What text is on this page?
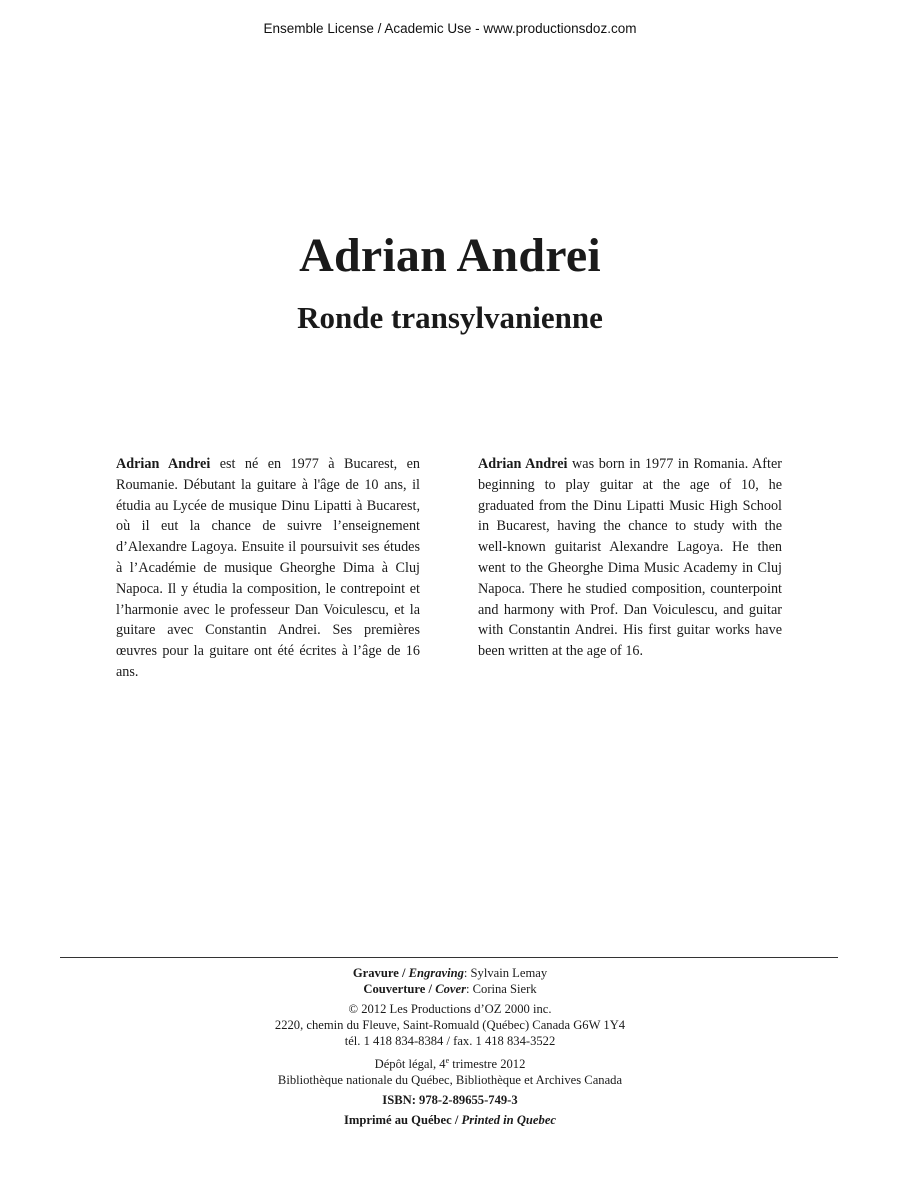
Ensemble License / Academic Use - www.productionsdoz.com
Adrian Andrei
Ronde transylvanienne
Adrian Andrei est né en 1977 à Bucarest, en Roumanie. Débutant la guitare à l'âge de 10 ans, il étudia au Lycée de musique Dinu Lipatti à Bucarest, où il eut la chance de suivre l’enseignement d’Alexandre Lagoya. Ensuite il poursuivit ses études à l’Académie de musique Gheorghe Dima à Cluj Napoca. Il y étudia la composition, le contrepoint et l’harmonie avec le professeur Dan Voiculescu, et la guitare avec Constantin Andrei. Ses premières œuvres pour la guitare ont été écrites à l’âge de 16 ans.
Adrian Andrei was born in 1977 in Romania. After beginning to play guitar at the age of 10, he graduated from the Dinu Lipatti Music High School in Bucarest, having the chance to study with the well-known guitarist Alexandre Lagoya. He then went to the Gheorghe Dima Music Academy in Cluj Napoca. There he studied composition, counterpoint and harmony with Prof. Dan Voiculescu, and guitar with Constantin Andrei. His first guitar works have been written at the age of 16.
Gravure / Engraving: Sylvain Lemay
Couverture / Cover: Corina Sierk
© 2012 Les Productions d’OZ 2000 inc.
2220, chemin du Fleuve, Saint-Romuald (Québec) Canada G6W 1Y4
tél. 1 418 834-8384 / fax. 1 418 834-3522
Dépôt légal, 4e trimestre 2012
Bibliothèque nationale du Québec, Bibliothèque et Archives Canada
ISBN: 978-2-89655-749-3
Imprimé au Québec / Printed in Quebec
